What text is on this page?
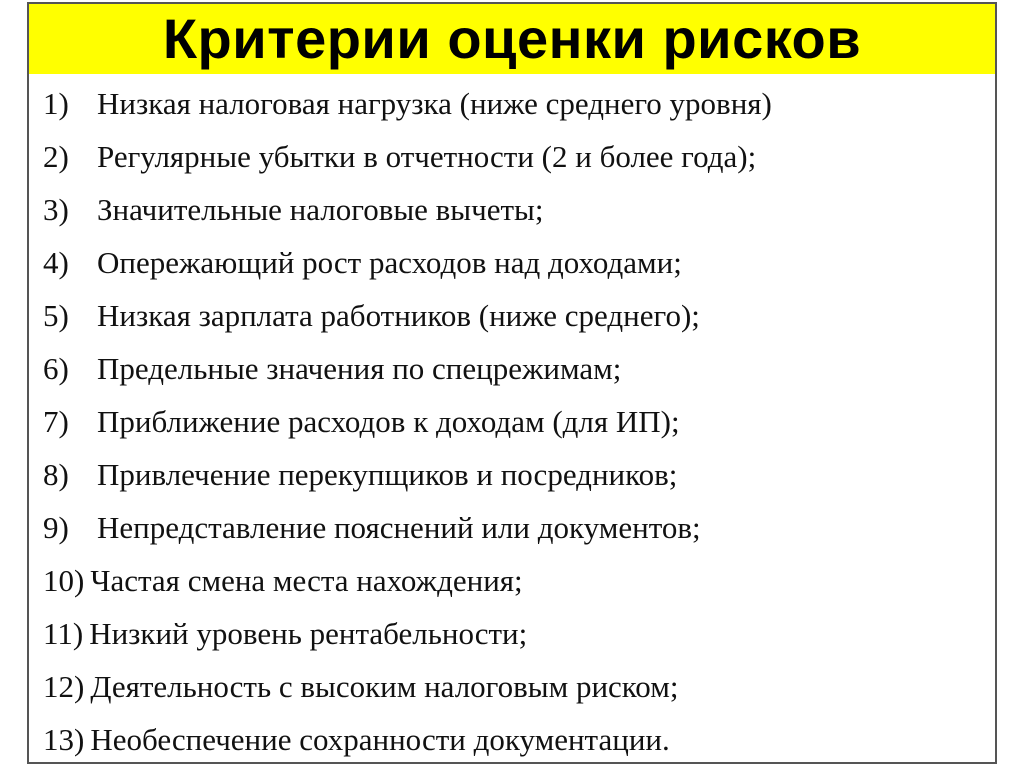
Критерии оценки рисков
1) Низкая налоговая нагрузка (ниже среднего уровня)
2) Регулярные убытки в отчетности (2 и более года);
3) Значительные налоговые вычеты;
4) Опережающий рост расходов над доходами;
5) Низкая зарплата работников (ниже среднего);
6) Предельные значения по спецрежимам;
7) Приближение расходов к доходам (для ИП);
8) Привлечение перекупщиков и посредников;
9) Непредставление пояснений или документов;
10) Частая смена места нахождения;
11) Низкий уровень рентабельности;
12) Деятельность с высоким налоговым риском;
13) Необеспечение сохранности документации.
